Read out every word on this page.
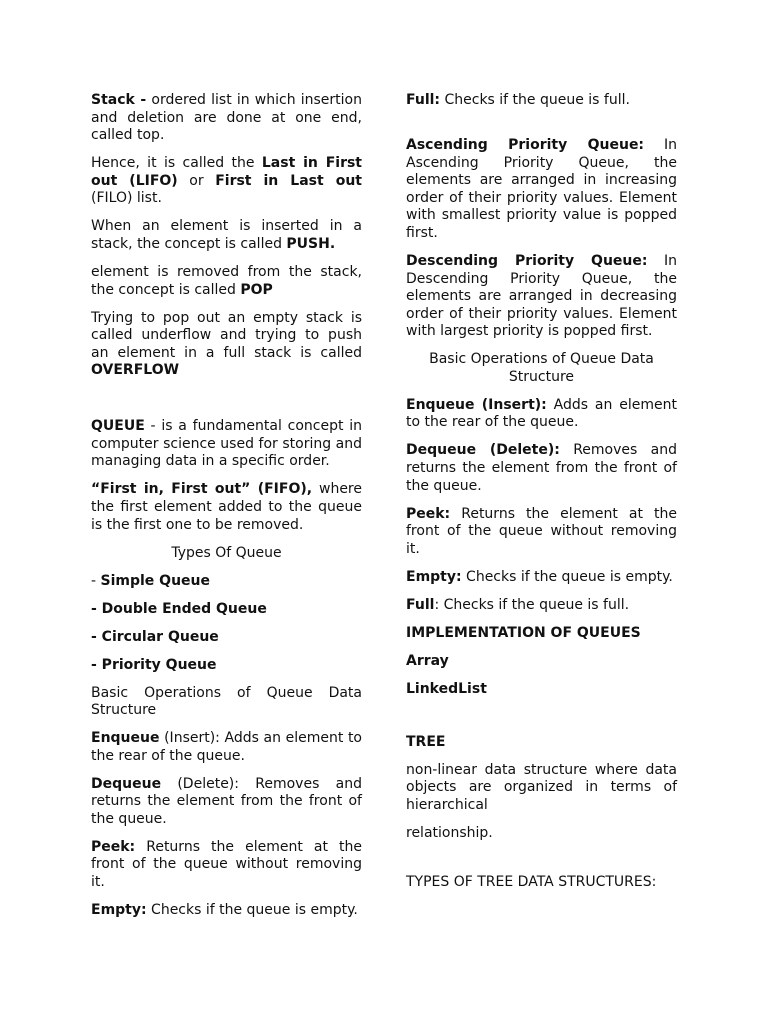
Stack - ordered list in which insertion and deletion are done at one end, called top.

Hence, it is called the Last in First out (LIFO) or First in Last out (FILO) list.

When an element is inserted in a stack, the concept is called PUSH.

element is removed from the stack, the concept is called POP

Trying to pop out an empty stack is called underflow and trying to push an element in a full stack is called OVERFLOW

QUEUE - is a fundamental concept in computer science used for storing and managing data in a specific order.

“First in, First out” (FIFO), where the first element added to the queue is the first one to be removed.

Types Of Queue

- Simple Queue

- Double Ended Queue

- Circular Queue

- Priority Queue

Basic Operations of Queue Data Structure

Enqueue (Insert): Adds an element to the rear of the queue.

Dequeue (Delete): Removes and returns the element from the front of the queue.

Peek: Returns the element at the front of the queue without removing it.

Empty: Checks if the queue is empty.

Full: Checks if the queue is full.

Ascending Priority Queue: In Ascending Priority Queue, the elements are arranged in increasing order of their priority values. Element with smallest priority value is popped first.

Descending Priority Queue: In Descending Priority Queue, the elements are arranged in decreasing order of their priority values. Element with largest priority is popped first.

Basic Operations of Queue Data Structure

Enqueue (Insert): Adds an element to the rear of the queue.

Dequeue (Delete): Removes and returns the element from the front of the queue.

Peek: Returns the element at the front of the queue without removing it.

Empty: Checks if the queue is empty.

Full: Checks if the queue is full.

IMPLEMENTATION OF QUEUES

Array

LinkedList

TREE

non-linear data structure where data objects are organized in terms of hierarchical

relationship.

TYPES OF TREE DATA STRUCTURES:
